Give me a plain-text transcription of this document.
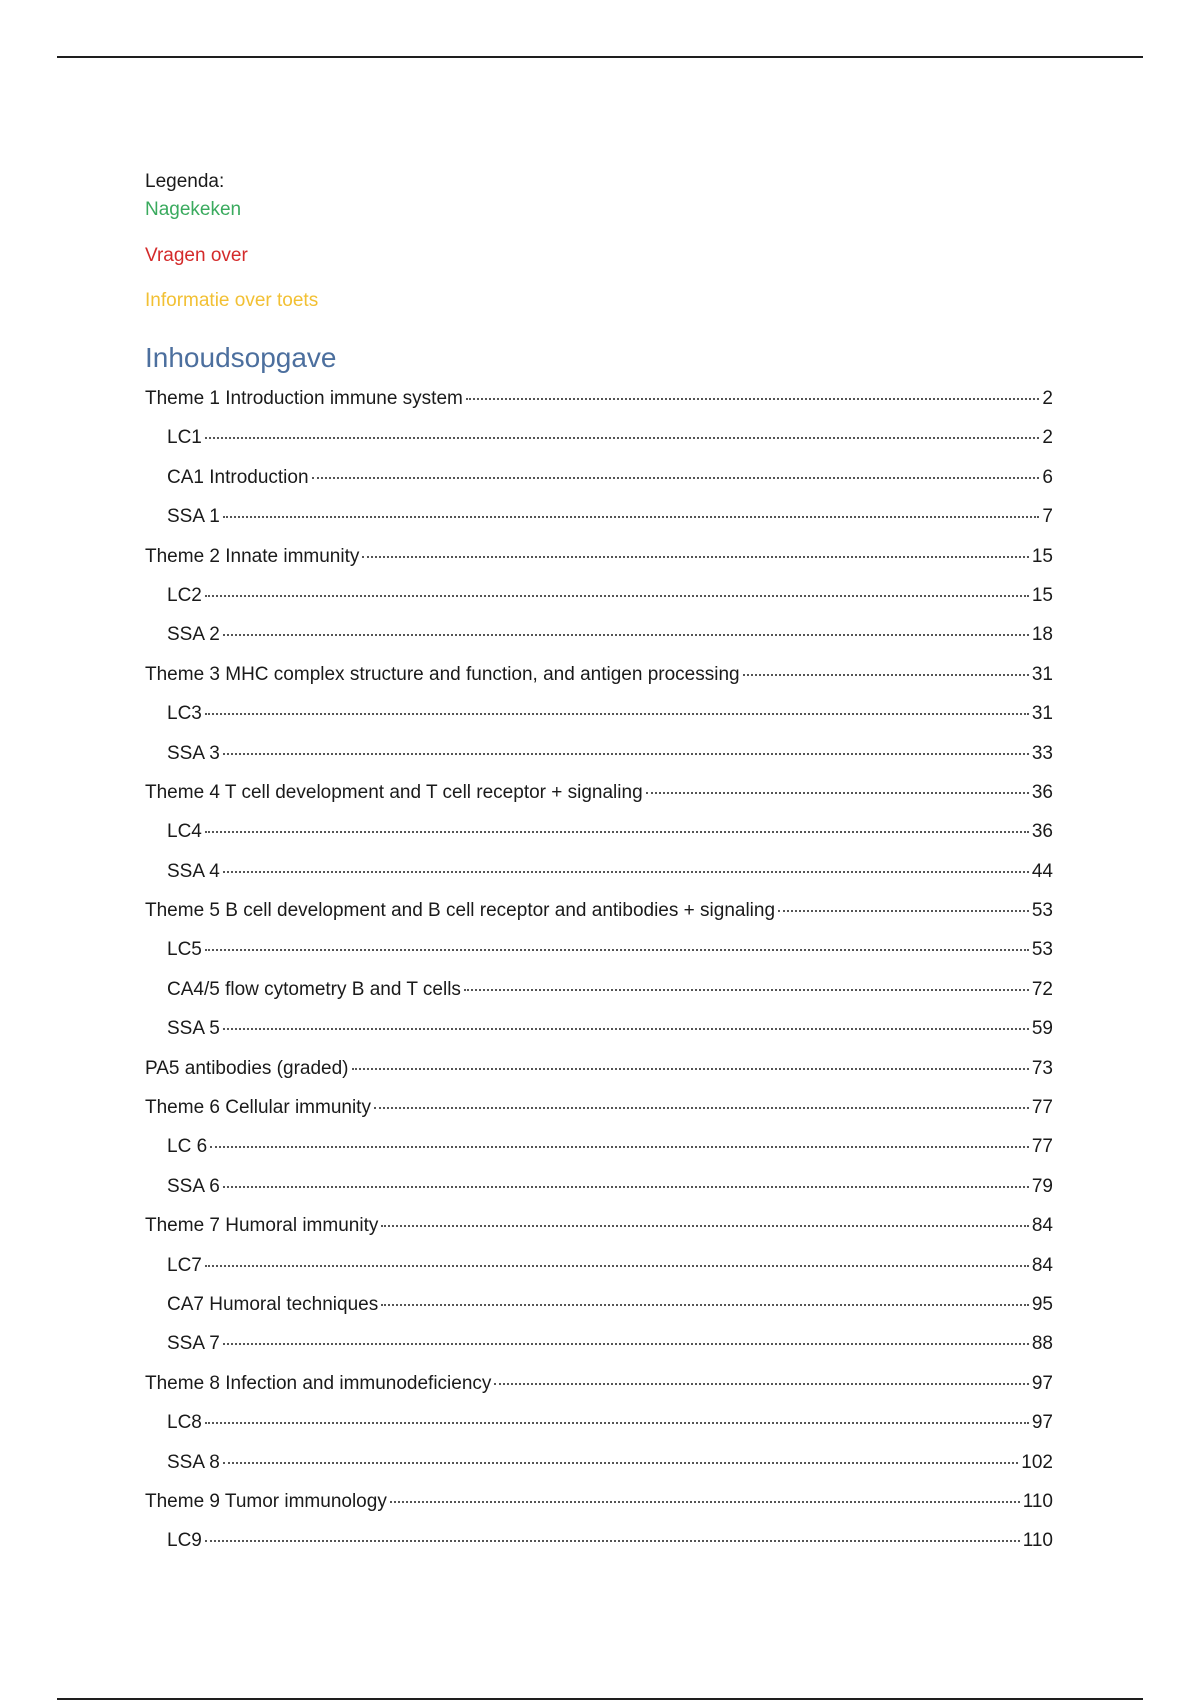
Legenda:

Nagekeken

Vragen over

Informatie over toets

Inhoudsopgave
Theme 1 Introduction immune system	2
LC1	2
CA1 Introduction	6
SSA 1	7
Theme 2 Innate immunity	15
LC2	15
SSA 2	18
Theme 3 MHC complex structure and function, and antigen processing	31
LC3	31
SSA 3	33
Theme 4 T cell development and T cell receptor + signaling	36
LC4	36
SSA 4	44
Theme 5 B cell development and B cell receptor and antibodies + signaling	53
LC5	53
CA4/5 flow cytometry B and T cells	72
SSA 5	59
PA5 antibodies (graded)	73
Theme 6 Cellular immunity	77
LC 6	77
SSA 6	79
Theme 7 Humoral immunity	84
LC7	84
CA7 Humoral techniques	95
SSA 7	88
Theme 8 Infection and immunodeficiency	97
LC8	97
SSA 8	102
Theme 9 Tumor immunology	110
LC9	110
